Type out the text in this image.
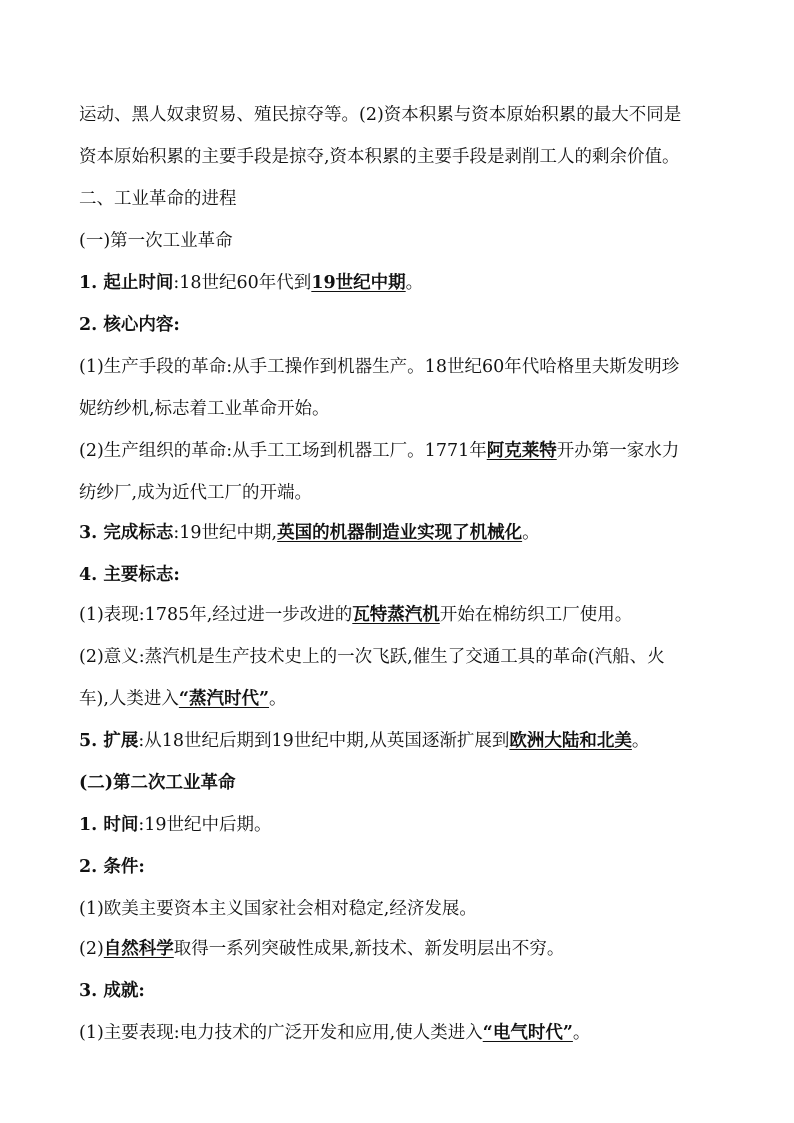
运动、黑人奴隶贸易、殖民掠夺等。(2)资本积累与资本原始积累的最大不同是
资本原始积累的主要手段是掠夺,资本积累的主要手段是剥削工人的剩余价值。
二、工业革命的进程
(一)第一次工业革命
1. 起止时间:18世纪60年代到19世纪中期。
2. 核心内容:
(1)生产手段的革命:从手工操作到机器生产。18世纪60年代哈格里夫斯发明珍
妮纺纱机,标志着工业革命开始。
(2)生产组织的革命:从手工工场到机器工厂。1771年阿克莱特开办第一家水力
纺纱厂,成为近代工厂的开端。
3. 完成标志:19世纪中期,英国的机器制造业实现了机械化。
4. 主要标志:
(1)表现:1785年,经过进一步改进的瓦特蒸汽机开始在棉纺织工厂使用。
(2)意义:蒸汽机是生产技术史上的一次飞跃,催生了交通工具的革命(汽船、火
车),人类进入“蒸汽时代”。
5. 扩展:从18世纪后期到19世纪中期,从英国逐渐扩展到欧洲大陆和北美。
(二)第二次工业革命
1. 时间:19世纪中后期。
2. 条件:
(1)欧美主要资本主义国家社会相对稳定,经济发展。
(2)自然科学取得一系列突破性成果,新技术、新发明层出不穷。
3. 成就:
(1)主要表现:电力技术的广泛开发和应用,使人类进入“电气时代”。
